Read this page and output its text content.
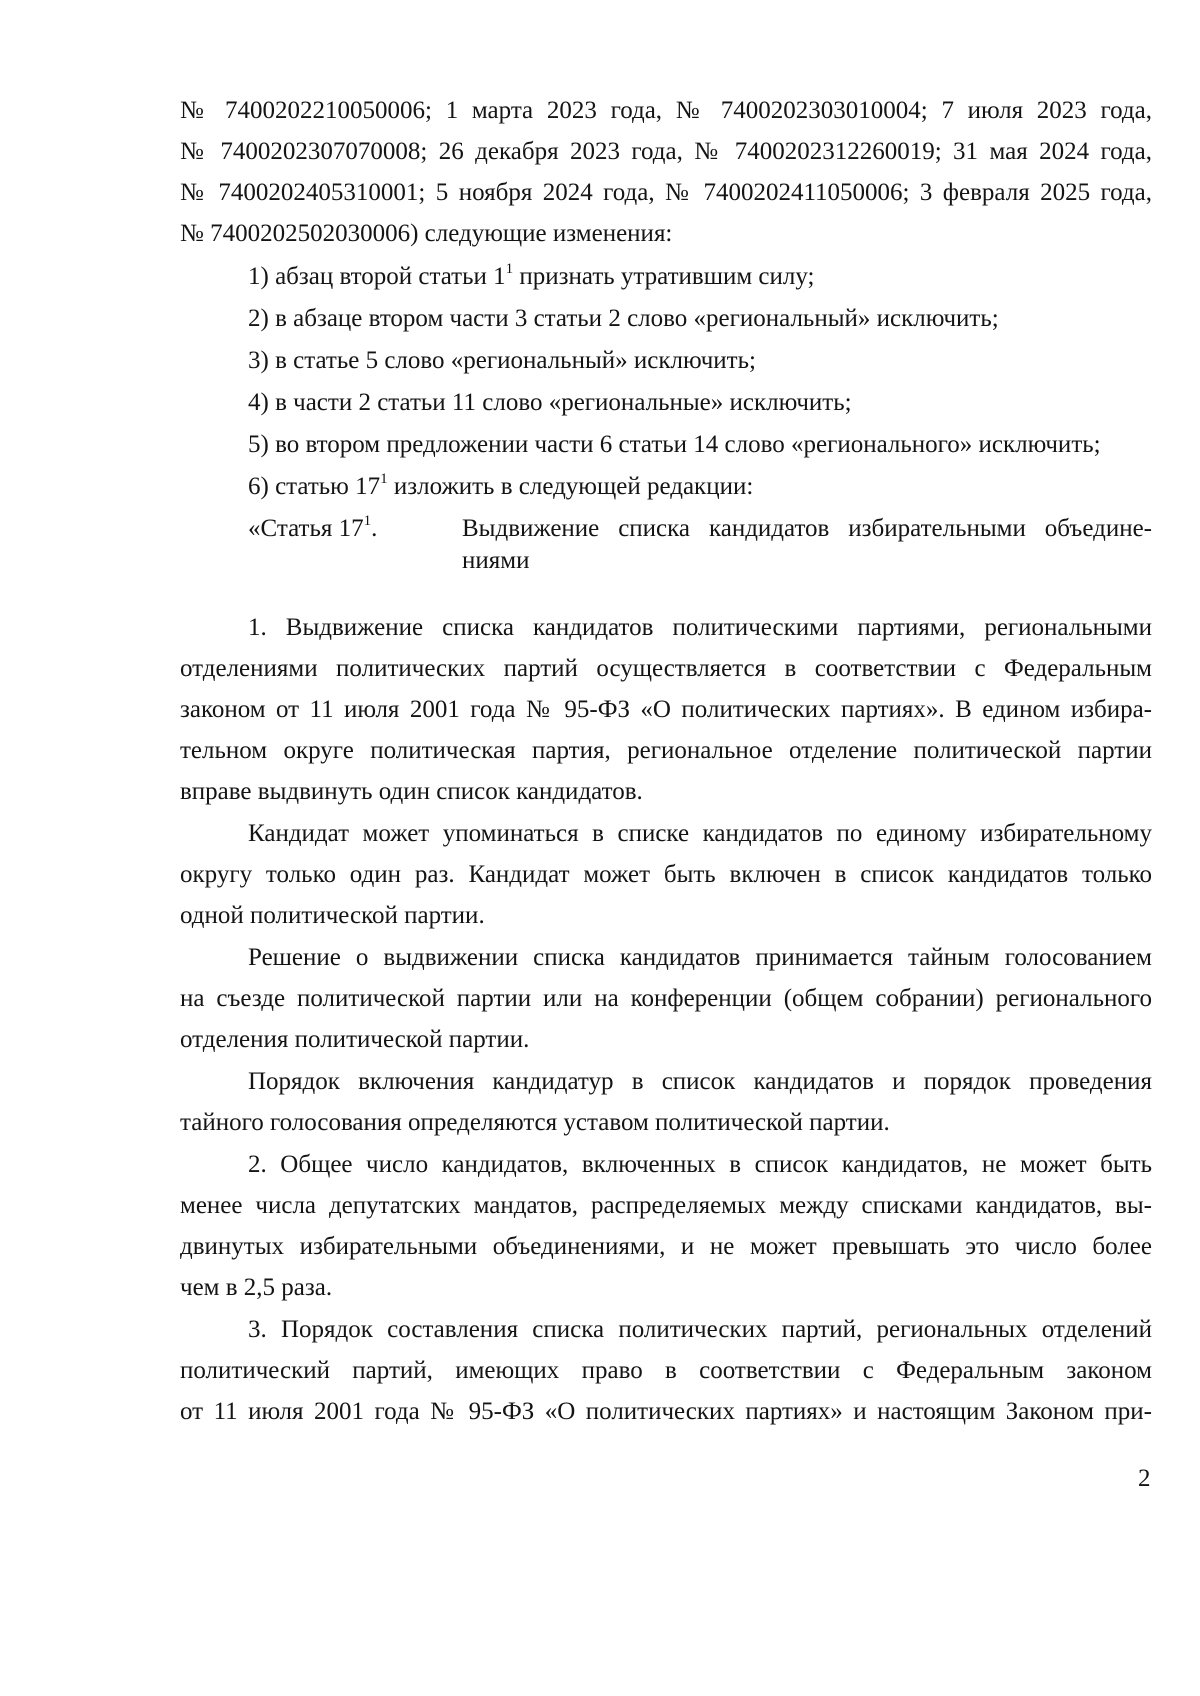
№ 7400202210050006; 1 марта 2023 года, № 7400202303010004; 7 июля 2023 года,
№ 7400202307070008; 26 декабря 2023 года, № 7400202312260019; 31 мая 2024 года,
№ 7400202405310001; 5 ноября 2024 года, № 7400202411050006; 3 февраля 2025 года,
№ 7400202502030006) следующие изменения:
1) абзац второй статьи $1^1$ признать утратившим силу;
2) в абзаце втором части 3 статьи 2 слово «региональный» исключить;
3) в статье 5 слово «региональный» исключить;
4) в части 2 статьи 11 слово «региональные» исключить;
5) во втором предложении части 6 статьи 14 слово «регионального» исключить;
6) статью $17^1$ изложить в следующей редакции:
«Статья $17^1$.	Выдвижение списка кандидатов избирательными объедине-
ниями
1. Выдвижение списка кандидатов политическими партиями, региональными
отделениями политических партий осуществляется в соответствии с Федеральным
законом от 11 июля 2001 года № 95-ФЗ «О политических партиях». В едином избира-
тельном округе политическая партия, региональное отделение политической партии
вправе выдвинуть один список кандидатов.
Кандидат может упоминаться в списке кандидатов по единому избирательному
округу только один раз. Кандидат может быть включен в список кандидатов только
одной политической партии.
Решение о выдвижении списка кандидатов принимается тайным голосованием
на съезде политической партии или на конференции (общем собрании) регионального
отделения политической партии.
Порядок включения кандидатур в список кандидатов и порядок проведения
тайного голосования определяются уставом политической партии.
2. Общее число кандидатов, включенных в список кандидатов, не может быть
менее числа депутатских мандатов, распределяемых между списками кандидатов, вы-
двинутых избирательными объединениями, и не может превышать это число более
чем в 2,5 раза.
3. Порядок составления списка политических партий, региональных отделений
политический партий, имеющих право в соответствии с Федеральным законом
от 11 июля 2001 года № 95-ФЗ «О политических партиях» и настоящим Законом при-
2
